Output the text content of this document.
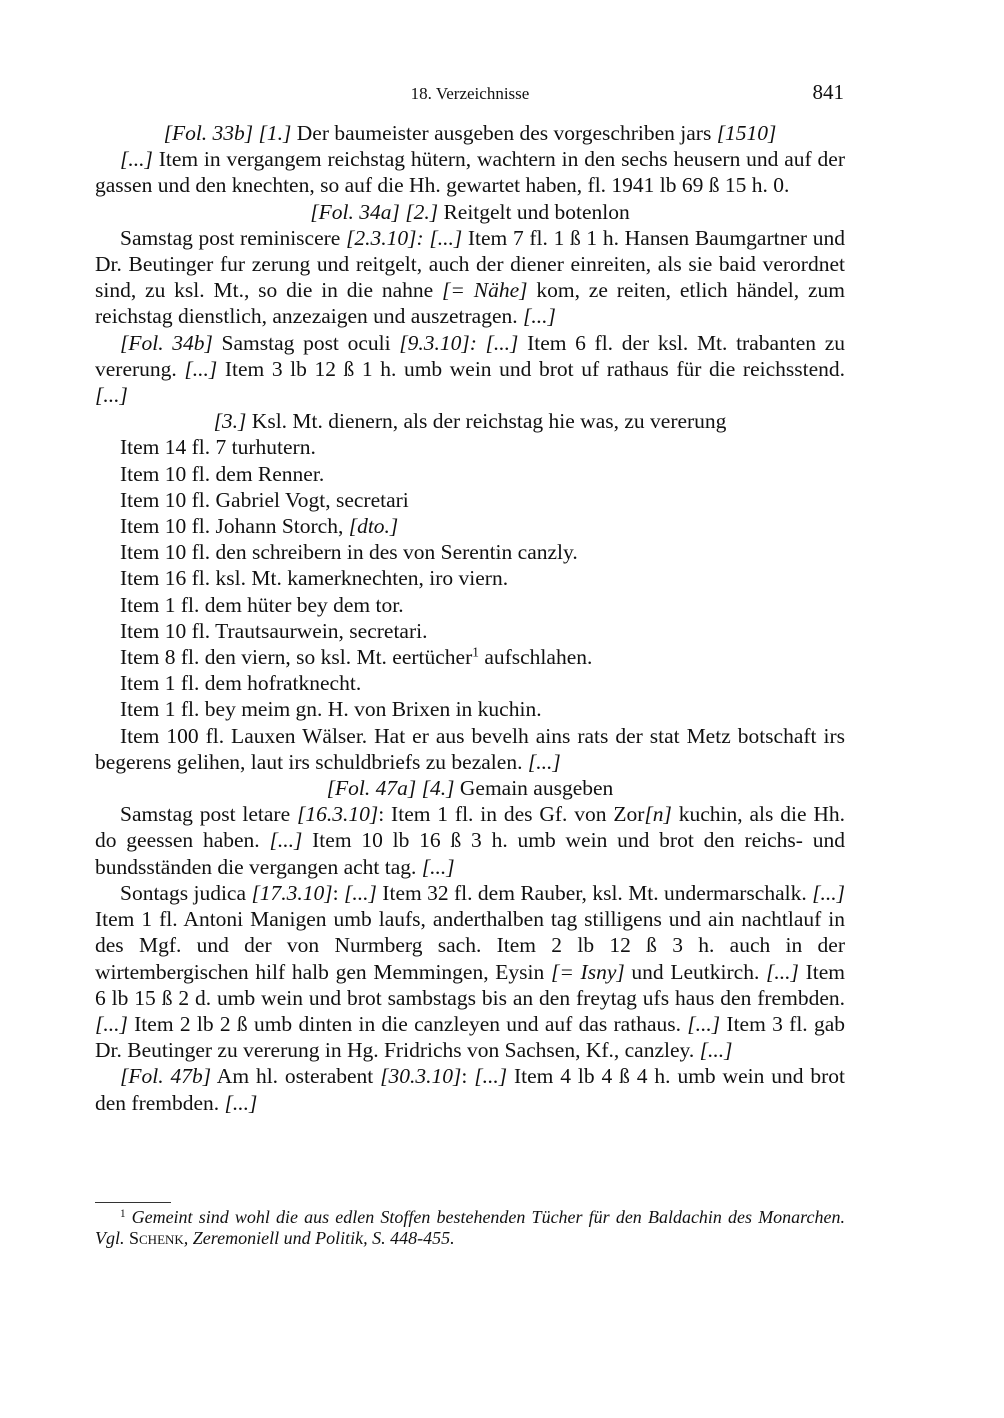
18. Verzeichnisse	841

[Fol. 33b] [1.] Der baumeister ausgeben des vorgeschriben jars [1510]

[...] Item in vergangem reichstag hütern, wachtern in den sechs heusern und auf der gassen und den knechten, so auf die Hh. gewartet haben, fl. 1941 lb 69 ß 15 h. 0.

[Fol. 34a] [2.] Reitgelt und botenlon

Samstag post reminiscere [2.3.10]: [...] Item 7 fl. 1 ß 1 h. Hansen Baumgartner und Dr. Beutinger fur zerung und reitgelt, auch der diener einreiten, als sie baid verordnet sind, zu ksl. Mt., so die in die nahne [= Nähe] kom, ze reiten, etlich händel, zum reichstag dienstlich, anzezaigen und auszetragen. [...]

[Fol. 34b] Samstag post oculi [9.3.10]: [...] Item 6 fl. der ksl. Mt. trabanten zu vererung. [...] Item 3 lb 12 ß 1 h. umb wein und brot uf rathaus für die reichsstend. [...]

[3.] Ksl. Mt. dienern, als der reichstag hie was, zu vererung

Item 14 fl. 7 turhutern.

Item 10 fl. dem Renner.

Item 10 fl. Gabriel Vogt, secretari

Item 10 fl. Johann Storch, [dto.]

Item 10 fl. den schreibern in des von Serentin canzly.

Item 16 fl. ksl. Mt. kamerknechten, iro viern.

Item 1 fl. dem hüter bey dem tor.

Item 10 fl. Trautsaurwein, secretari.

Item 8 fl. den viern, so ksl. Mt. eertücher$^1$ aufschlahen.

Item 1 fl. dem hofratknecht.

Item 1 fl. bey meim gn. H. von Brixen in kuchin.

Item 100 fl. Lauxen Wälser. Hat er aus bevelh ains rats der stat Metz botschaft irs begerens gelihen, laut irs schuldbriefs zu bezalen. [...]

[Fol. 47a] [4.] Gemain ausgeben

Samstag post letare [16.3.10]: Item 1 fl. in des Gf. von Zor[n] kuchin, als die Hh. do geessen haben. [...] Item 10 lb 16 ß 3 h. umb wein und brot den reichs- und bundsständen die vergangen acht tag. [...]

Sontags judica [17.3.10]: [...] Item 32 fl. dem Rauber, ksl. Mt. undermarschalk. [...] Item 1 fl. Antoni Manigen umb laufs, anderthalben tag stilligens und ain nachtlauf in des Mgf. und der von Nurmberg sach. Item 2 lb 12 ß 3 h. auch in der wirtembergischen hilf halb gen Memmingen, Eysin [= Isny] und Leutkirch. [...] Item 6 lb 15 ß 2 d. umb wein und brot sambstags bis an den freytag ufs haus den frembden. [...] Item 2 lb 2 ß umb dinten in die canzleyen und auf das rathaus. [...] Item 3 fl. gab Dr. Beutinger zu vererung in Hg. Fridrichs von Sachsen, Kf., canzley. [...]

[Fol. 47b] Am hl. osterabent [30.3.10]: [...] Item 4 lb 4 ß 4 h. umb wein und brot den frembden. [...]

$^1$ Gemeint sind wohl die aus edlen Stoffen bestehenden Tücher für den Baldachin des Monarchen. Vgl. Schenk, Zeremoniell und Politik, S. 448-455.
